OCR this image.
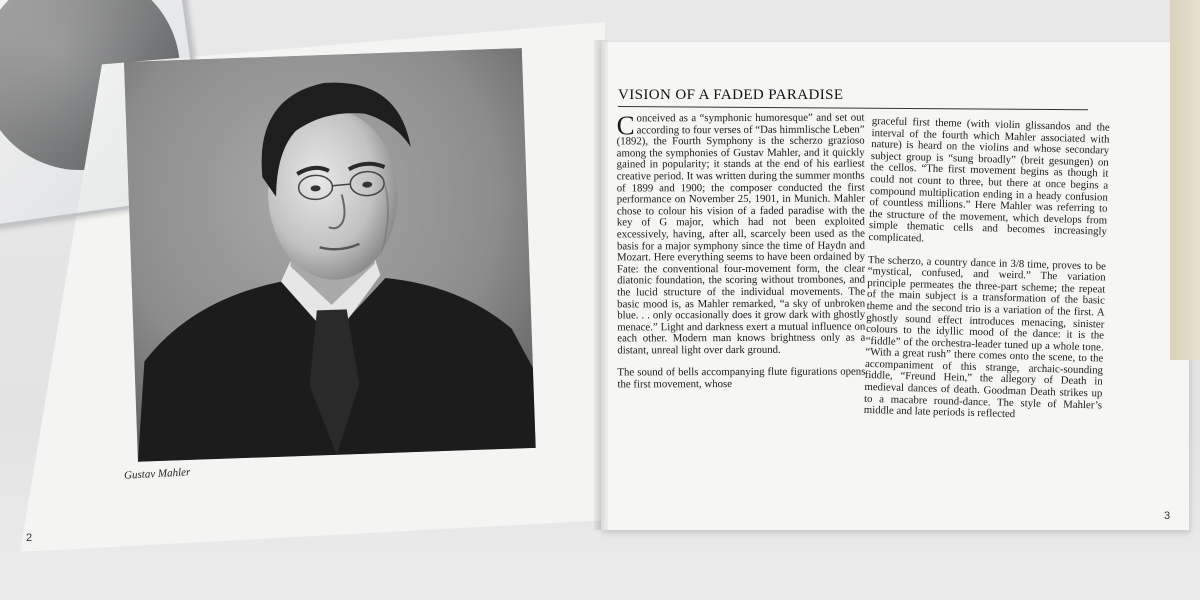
Gustav Mahler
2
VISION OF A FADED PARADISE

Conceived as a “symphonic humoresque” and set out according to four verses of “Das himmlische Leben” (1892), the Fourth Symphony is the scherzo grazioso among the symphonies of Gustav Mahler, and it quickly gained in popularity; it stands at the end of his earliest creative period. It was written during the summer months of 1899 and 1900; the composer conducted the first performance on November 25, 1901, in Munich. Mahler chose to colour his vision of a faded paradise with the key of G major, which had not been exploited excessively, having, after all, scarcely been used as the basis for a major symphony since the time of Haydn and Mozart. Here everything seems to have been ordained by Fate: the conventional four-movement form, the clear diatonic foundation, the scoring without trombones, and the lucid structure of the individual movements. The basic mood is, as Mahler remarked, “a sky of unbroken blue. . . only occasionally does it grow dark with ghostly menace.” Light and darkness exert a mutual influence on each other. Modern man knows brightness only as a distant, unreal light over dark ground.

The sound of bells accompanying flute figurations opens the first movement, whose

graceful first theme (with violin glissandos and the interval of the fourth which Mahler associated with nature) is heard on the violins and whose secondary subject group is “sung broadly” (breit gesungen) on the cellos. “The first movement begins as though it could not count to three, but there at once begins a compound multiplication ending in a heady confusion of countless millions.” Here Mahler was referring to the structure of the movement, which develops from simple thematic cells and becomes increasingly complicated.

The scherzo, a country dance in 3/8 time, proves to be “mystical, confused, and weird.” The variation principle permeates the three-part scheme; the repeat of the main subject is a transformation of the basic theme and the second trio is a variation of the first. A ghostly sound effect introduces menacing, sinister colours to the idyllic mood of the dance: it is the “fiddle” of the orchestra-leader tuned up a whole tone. “With a great rush” there comes onto the scene, to the accompaniment of this strange, archaic-sounding fiddle, “Freund Hein,” the allegory of Death in medieval dances of death. Goodman Death strikes up to a macabre round-dance. The style of Mahler’s middle and late periods is reflected

3
